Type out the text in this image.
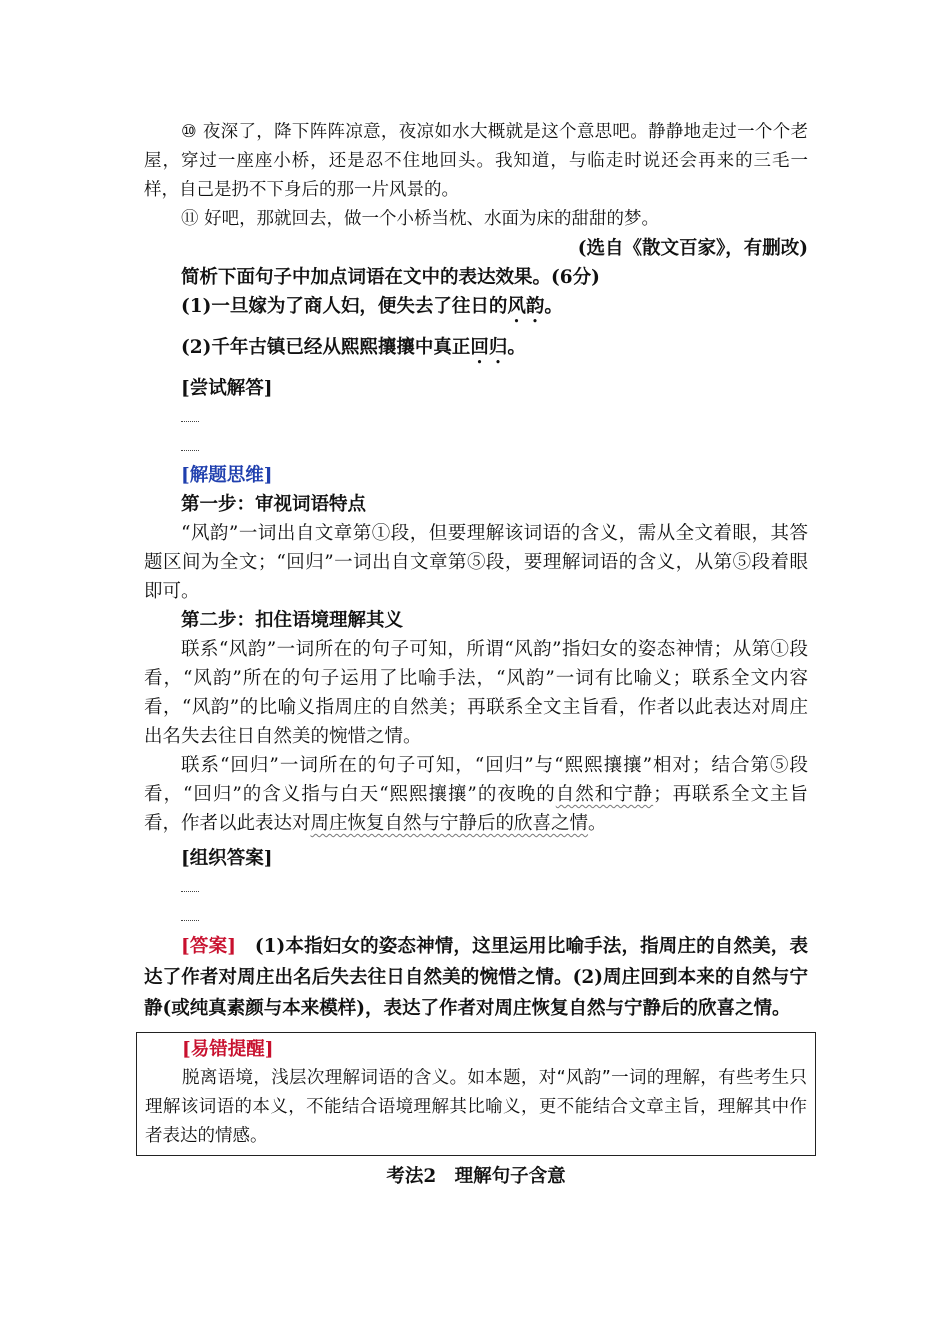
⑩ 夜深了，降下阵阵凉意，夜凉如水大概就是这个意思吧。静静地走过一个个老屋，穿过一座座小桥，还是忍不住地回头。我知道，与临走时说还会再来的三毛一样，自己是扔不下身后的那一片风景的。

⑪ 好吧，那就回去，做一个小桥当枕、水面为床的甜甜的梦。

(选自《散文百家》，有删改)

简析下面句子中加点词语在文中的表达效果。(6分)

(1)一旦嫁为了商人妇，便失去了往日的风韵。

(2)千年古镇已经从熙熙攘攘中真正回归。

[尝试解答]

[解题思维]

第一步：审视词语特点

“风韵”一词出自文章第①段，但要理解该词语的含义，需从全文着眼，其答题区间为全文；“回归”一词出自文章第⑤段，要理解词语的含义，从第⑤段着眼即可。

第二步：扣住语境理解其义

联系“风韵”一词所在的句子可知，所谓“风韵”指妇女的姿态神情；从第①段看，“风韵”所在的句子运用了比喻手法，“风韵”一词有比喻义；联系全文内容看，“风韵”的比喻义指周庄的自然美；再联系全文主旨看，作者以此表达对周庄出名失去往日自然美的惋惜之情。

联系“回归”一词所在的句子可知，“回归”与“熙熙攘攘”相对；结合第⑤段看，“回归”的含义指与白天“熙熙攘攘”的夜晚的自然和宁静；再联系全文主旨看，作者以此表达对周庄恢复自然与宁静后的欣喜之情。

[组织答案]

[答案]　 (1)本指妇女的姿态神情，这里运用比喻手法，指周庄的自然美，表达了作者对周庄出名后失去往日自然美的惋惜之情。(2)周庄回到本来的自然与宁静(或纯真素颜与本来模样)，表达了作者对周庄恢复自然与宁静后的欣喜之情。

[易错提醒]

脱离语境，浅层次理解词语的含义。如本题，对“风韵”一词的理解，有些考生只理解该词语的本义，不能结合语境理解其比喻义，更不能结合文章主旨，理解其中作者表达的情感。

考法2　理解句子含意
